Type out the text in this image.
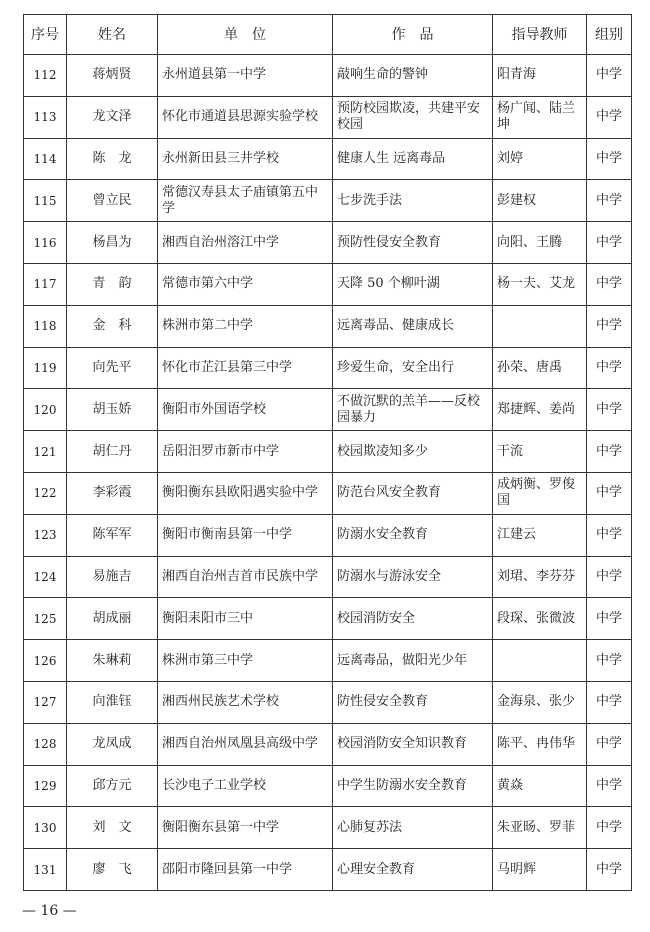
序号	姓名	单　位	作　品	指导教师	组别
112	蒋炳贤	永州道县第一中学	敲响生命的警钟	阳青海	中学
113	龙文泽	怀化市通道县思源实验学校	预防校园欺凌，共建平安校园	杨广闻、陆兰坤	中学
114	陈　龙	永州新田县三井学校	健康人生 远离毒品	刘婷	中学
115	曾立民	常德汉寿县太子庙镇第五中学	七步洗手法	彭建权	中学
116	杨昌为	湘西自治州溶江中学	预防性侵安全教育	向阳、王腾	中学
117	青　韵	常德市第六中学	天降 50 个柳叶湖	杨一夫、艾龙	中学
118	金　科	株洲市第二中学	远离毒品、健康成长		中学
119	向先平	怀化市芷江县第三中学	珍爱生命，安全出行	孙荣、唐禹	中学
120	胡玉娇	衡阳市外国语学校	不做沉默的羔羊——反校园暴力	郑捷辉、姜尚	中学
121	胡仁丹	岳阳汨罗市新市中学	校园欺凌知多少	干流	中学
122	李彩霞	衡阳衡东县欧阳遇实验中学	防范台风安全教育	成炳衡、罗俊国	中学
123	陈军军	衡阳市衡南县第一中学	防溺水安全教育	江建云	中学
124	易施吉	湘西自治州吉首市民族中学	防溺水与游泳安全	刘珺、李芬芬	中学
125	胡成丽	衡阳耒阳市三中	校园消防安全	段琛、张微波	中学
126	朱琳莉	株洲市第三中学	远离毒品，做阳光少年		中学
127	向淮钰	湘西州民族艺术学校	防性侵安全教育	金海泉、张少	中学
128	龙凤成	湘西自治州凤凰县高级中学	校园消防安全知识教育	陈平、冉伟华	中学
129	邱方元	长沙电子工业学校	中学生防溺水安全教育	黄焱	中学
130	刘　文	衡阳衡东县第一中学	心肺复苏法	朱亚旸、罗菲	中学
131	廖　飞	邵阳市隆回县第一中学	心理安全教育	马明辉	中学
— 16 —
